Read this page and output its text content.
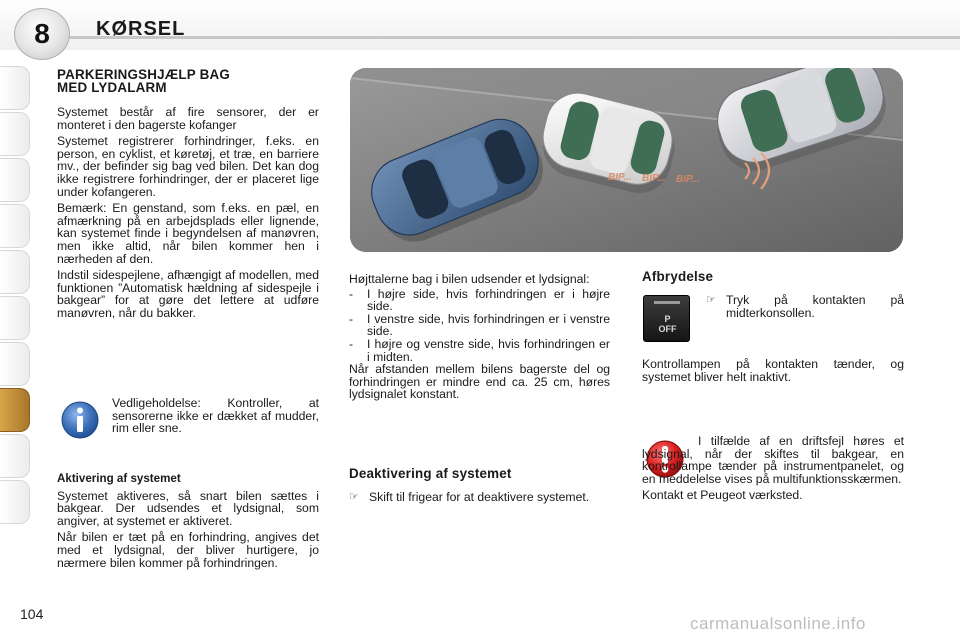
8	KØRSEL
PARKERINGSHJÆLP BAG
MED LYDALARM

Systemet består af fire sensorer, der er monteret i den bagerste kofanger

Systemet registrerer forhindringer, f.eks. en person, en cyklist, et køretøj, et træ, en barriere mv., der befinder sig bag ved bilen. Det kan dog ikke registrere forhindringer, der er placeret lige under kofangeren.

Bemærk: En genstand, som f.eks. en pæl, en afmærkning på en arbejdsplads eller lignende, kan systemet finde i begyndelsen af manøvren, men ikke altid, når bilen kommer hen i nærheden af den.

Indstil sidespejlene, afhængigt af modellen, med funktionen ”Automatisk hældning af sidespejle i bakgear” for at gøre det lettere at udføre manøvren, når du bakker.

Vedligeholdelse: Kontroller, at sensorerne ikke er dækket af mudder, rim eller sne.

Aktivering af systemet

Systemet aktiveres, så snart bilen sættes i bakgear. Der udsendes et lydsignal, som angiver, at systemet er aktiveret.

Når bilen er tæt på en forhindring, angives det med et lydsignal, der bliver hurtigere, jo nærmere bilen kommer på forhindringen.

BIP... BIP... BIP...

Højttalerne bag i bilen udsender et lydsignal:

- I højre side, hvis forhindringen er i højre side.
- I venstre side, hvis forhindringen er i venstre side.
- I højre og venstre side, hvis forhindringen er i midten.

Når afstanden mellem bilens bagerste del og forhindringen er mindre end ca. 25 cm, høres lydsignalet konstant.

Deaktivering af systemet
☞ Skift til frigear for at deaktivere systemet.
Afbrydelse
P
OFF
☞ Tryk på kontakten på midterkonsollen.

Kontrollampen på kontakten tænder, og systemet bliver helt inaktivt.

I tilfælde af en driftsfejl høres et lydsignal, når der skiftes til bakgear, en kontrollampe tænder på instrumentpanelet, og en meddelelse vises på multifunktionsskærmen.

Kontakt et Peugeot værksted.

104	carmanualsonline.info
